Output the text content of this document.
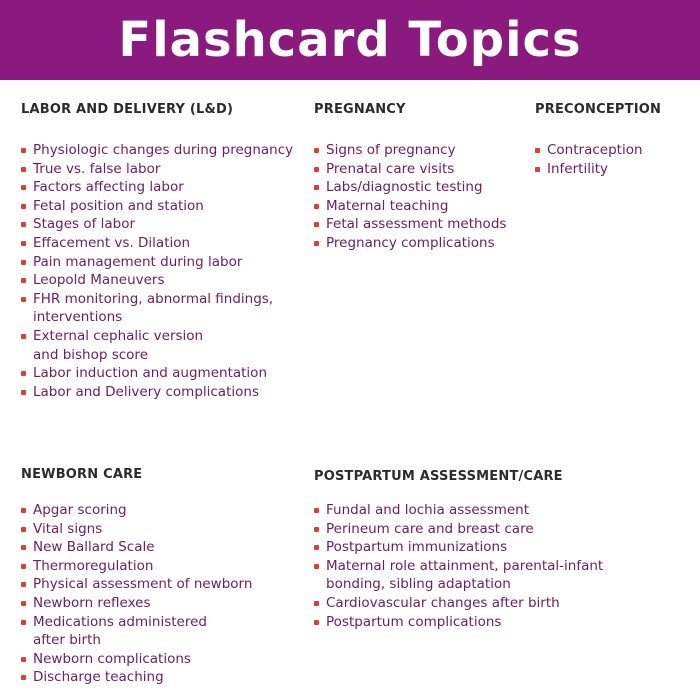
Flashcard Topics
LABOR AND DELIVERY (L&D)
Physiologic changes during pregnancy
True vs. false labor
Factors affecting labor
Fetal position and station
Stages of labor
Effacement vs. Dilation
Pain management during labor
Leopold Maneuvers
FHR monitoring, abnormal findings,
interventions
External cephalic version
and bishop score
Labor induction and augmentation
Labor and Delivery complications
PREGNANCY
Signs of pregnancy
Prenatal care visits
Labs/diagnostic testing
Maternal teaching
Fetal assessment methods
Pregnancy complications
PRECONCEPTION
Contraception
Infertility
NEWBORN CARE
Apgar scoring
Vital signs
New Ballard Scale
Thermoregulation
Physical assessment of newborn
Newborn reflexes
Medications administered
after birth
Newborn complications
Discharge teaching
POSTPARTUM ASSESSMENT/CARE
Fundal and lochia assessment
Perineum care and breast care
Postpartum immunizations
Maternal role attainment, parental-infant
bonding, sibling adaptation
Cardiovascular changes after birth
Postpartum complications
